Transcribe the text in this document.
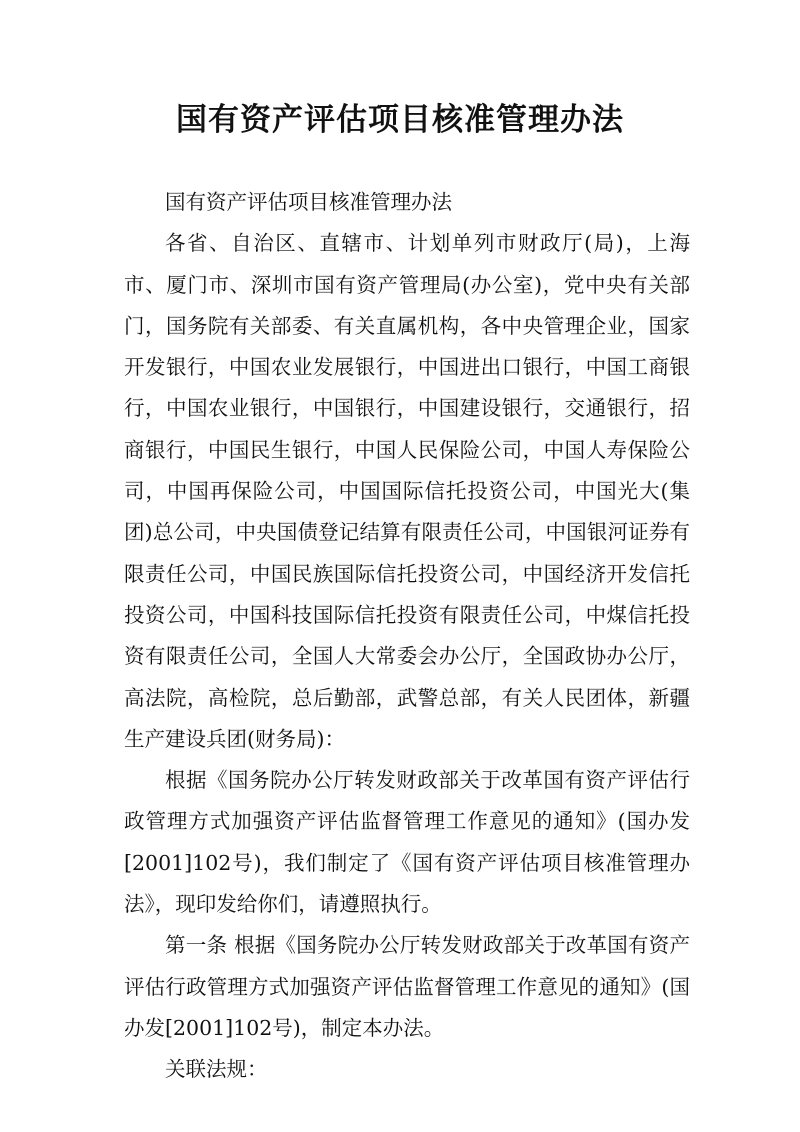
国有资产评估项目核准管理办法

国有资产评估项目核准管理办法

各省、自治区、直辖市、计划单列市财政厅(局)，上海市、厦门市、深圳市国有资产管理局(办公室)，党中央有关部门，国务院有关部委、有关直属机构，各中央管理企业，国家开发银行，中国农业发展银行，中国进出口银行，中国工商银行，中国农业银行，中国银行，中国建设银行，交通银行，招商银行，中国民生银行，中国人民保险公司，中国人寿保险公司，中国再保险公司，中国国际信托投资公司，中国光大(集团)总公司，中央国债登记结算有限责任公司，中国银河证券有限责任公司，中国民族国际信托投资公司，中国经济开发信托投资公司，中国科技国际信托投资有限责任公司，中煤信托投资有限责任公司，全国人大常委会办公厅，全国政协办公厅，高法院，高检院，总后勤部，武警总部，有关人民团体，新疆生产建设兵团(财务局)：

根据《国务院办公厅转发财政部关于改革国有资产评估行政管理方式加强资产评估监督管理工作意见的通知》(国办发[2001]102号)，我们制定了《国有资产评估项目核准管理办法》，现印发给你们，请遵照执行。

第一条 根据《国务院办公厅转发财政部关于改革国有资产评估行政管理方式加强资产评估监督管理工作意见的通知》(国办发[2001]102号)，制定本办法。

关联法规：
